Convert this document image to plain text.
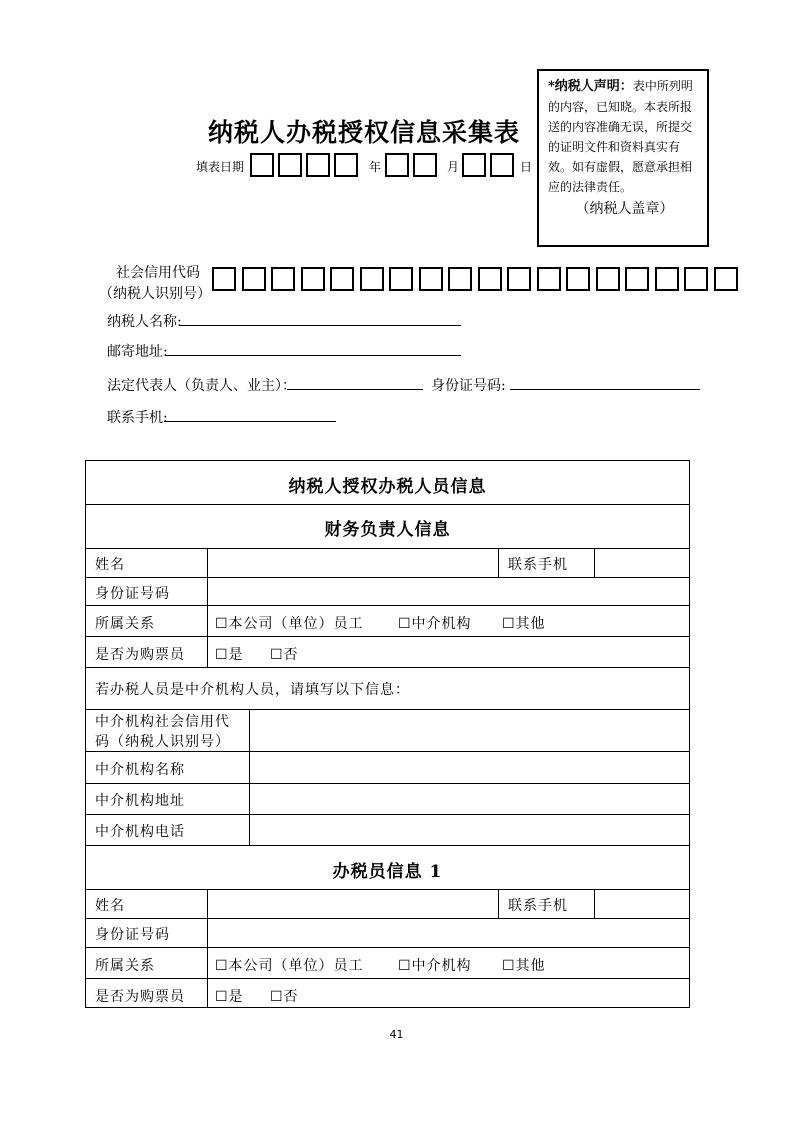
纳税人办税授权信息采集表
填表日期	年	月	日
*纳税人声明：表中所列明的内容，已知晓。本表所报送的内容准确无误，所提交的证明文件和资料真实有效。如有虚假，愿意承担相应的法律责任。
（纳税人盖章）
社会信用代码
（纳税人识别号）
纳税人名称:
邮寄地址:
法定代表人（负责人、业主）：	身份证号码:
联系手机:
纳税人授权办税人员信息
财务负责人信息
姓名	联系手机
身份证号码
所属关系	☐本公司（单位）员工 ☐中介机构 ☐其他
是否为购票员 ☐是 ☐否
若办税人员是中介机构人员，请填写以下信息：
中介机构社会信用代
码（纳税人识别号）
中介机构名称
中介机构地址
中介机构电话
办税员信息 1
姓名	联系手机
身份证号码
所属关系	☐本公司（单位）员工 ☐中介机构 ☐其他
是否为购票员 ☐是 ☐否
41
